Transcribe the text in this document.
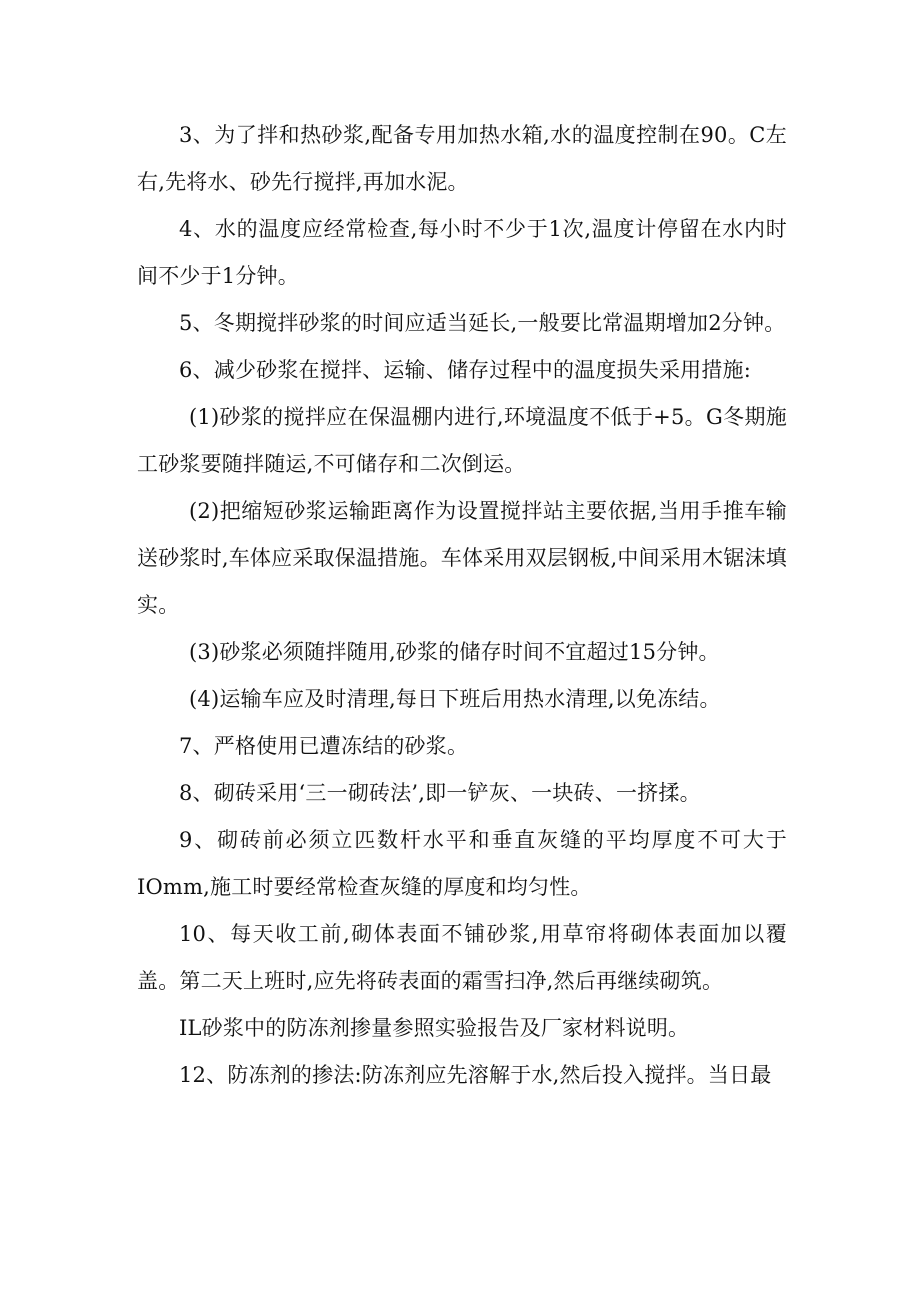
3、为了拌和热砂浆,配备专用加热水箱,水的温度控制在90。C左右,先将水、砂先行搅拌,再加水泥。

4、水的温度应经常检查,每小时不少于1次,温度计停留在水内时间不少于1分钟。

5、冬期搅拌砂浆的时间应适当延长,一般要比常温期增加2分钟。

6、减少砂浆在搅拌、运输、储存过程中的温度损失采用措施:

(1)砂浆的搅拌应在保温棚内进行,环境温度不低于+5。G冬期施工砂浆要随拌随运,不可储存和二次倒运。

(2)把缩短砂浆运输距离作为设置搅拌站主要依据,当用手推车输送砂浆时,车体应采取保温措施。车体采用双层钢板,中间采用木锯沫填实。

(3)砂浆必须随拌随用,砂浆的储存时间不宜超过15分钟。

(4)运输车应及时清理,每日下班后用热水清理,以免冻结。

7、严格使用已遭冻结的砂浆。

8、砌砖采用‘三一砌砖法’,即一铲灰、一块砖、一挤揉。

9、砌砖前必须立匹数杆水平和垂直灰缝的平均厚度不可大于IOmm,施工时要经常检查灰缝的厚度和均匀性。

10、每天收工前,砌体表面不铺砂浆,用草帘将砌体表面加以覆盖。第二天上班时,应先将砖表面的霜雪扫净,然后再继续砌筑。

IL砂浆中的防冻剂掺量参照实验报告及厂家材料说明。

12、防冻剂的掺法:防冻剂应先溶解于水,然后投入搅拌。当日最
